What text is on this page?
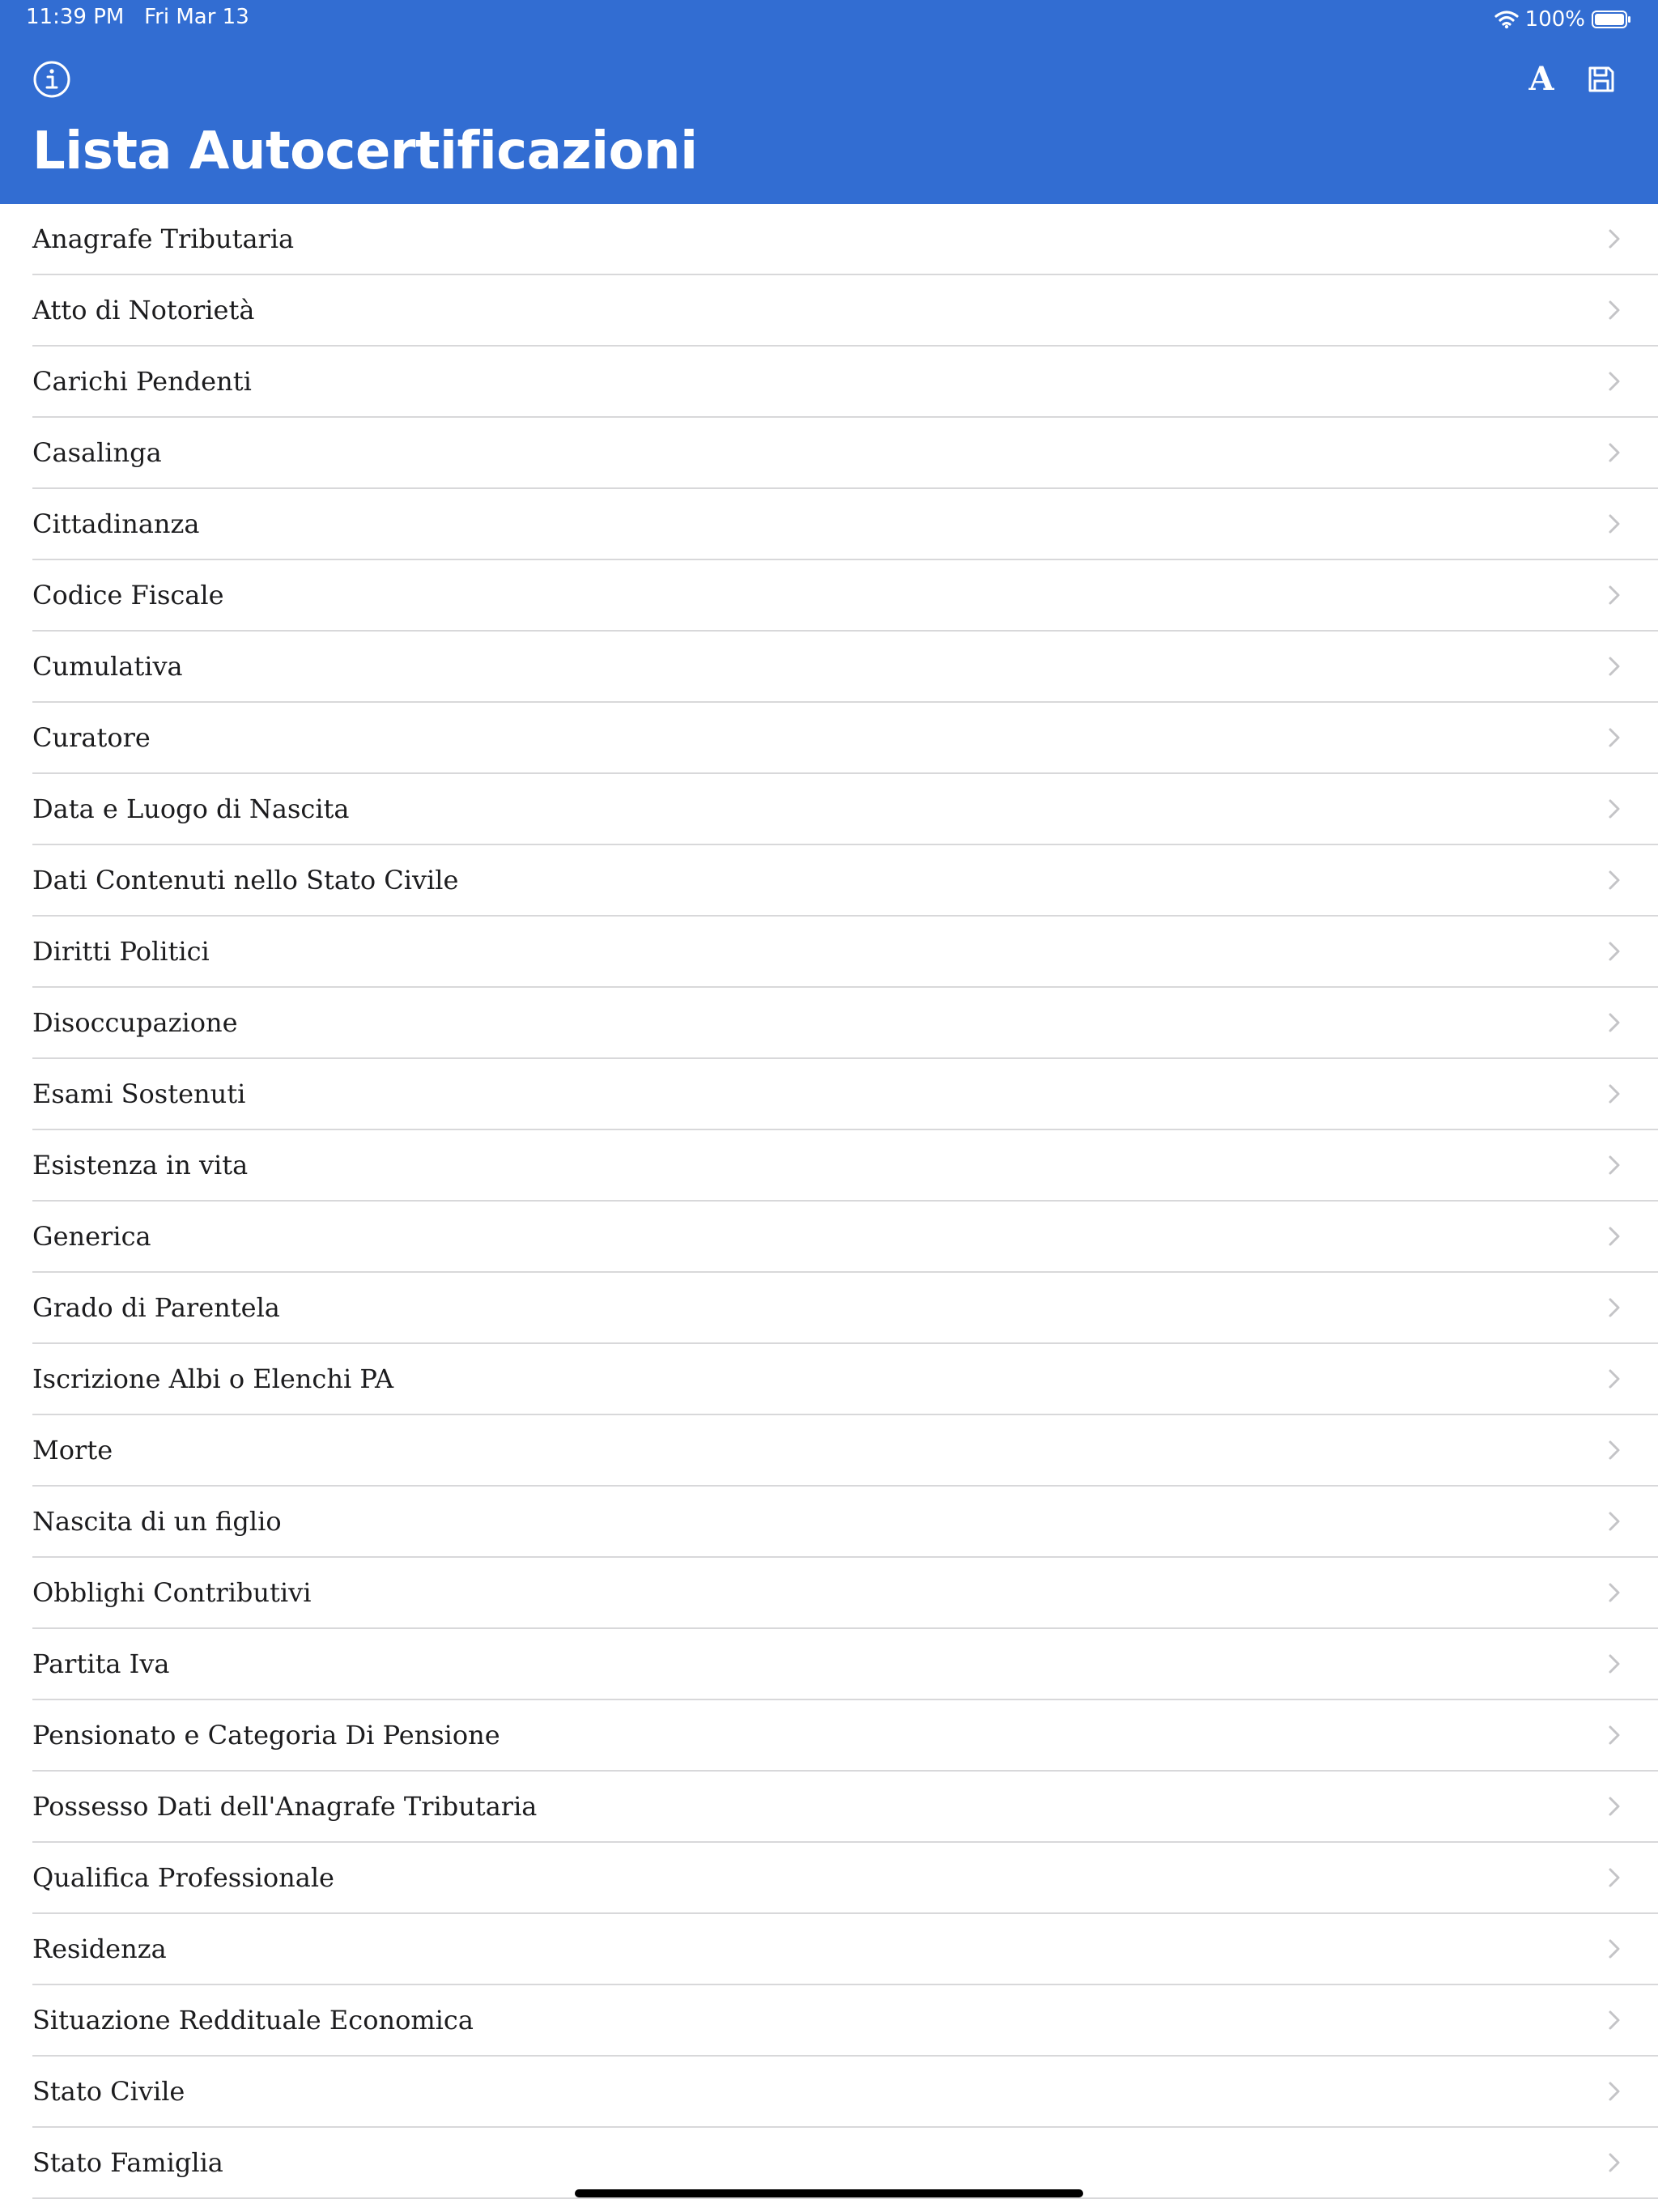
11:39 PM Fri Mar 13	100%
A
Lista Autocertificazioni
Anagrafe Tributaria
Atto di Notorietà
Carichi Pendenti
Casalinga
Cittadinanza
Codice Fiscale
Cumulativa
Curatore
Data e Luogo di Nascita
Dati Contenuti nello Stato Civile
Diritti Politici
Disoccupazione
Esami Sostenuti
Esistenza in vita
Generica
Grado di Parentela
Iscrizione Albi o Elenchi PA
Morte
Nascita di un figlio
Obblighi Contributivi
Partita Iva
Pensionato e Categoria Di Pensione
Possesso Dati dell'Anagrafe Tributaria
Qualifica Professionale
Residenza
Situazione Reddituale Economica
Stato Civile
Stato Famiglia
